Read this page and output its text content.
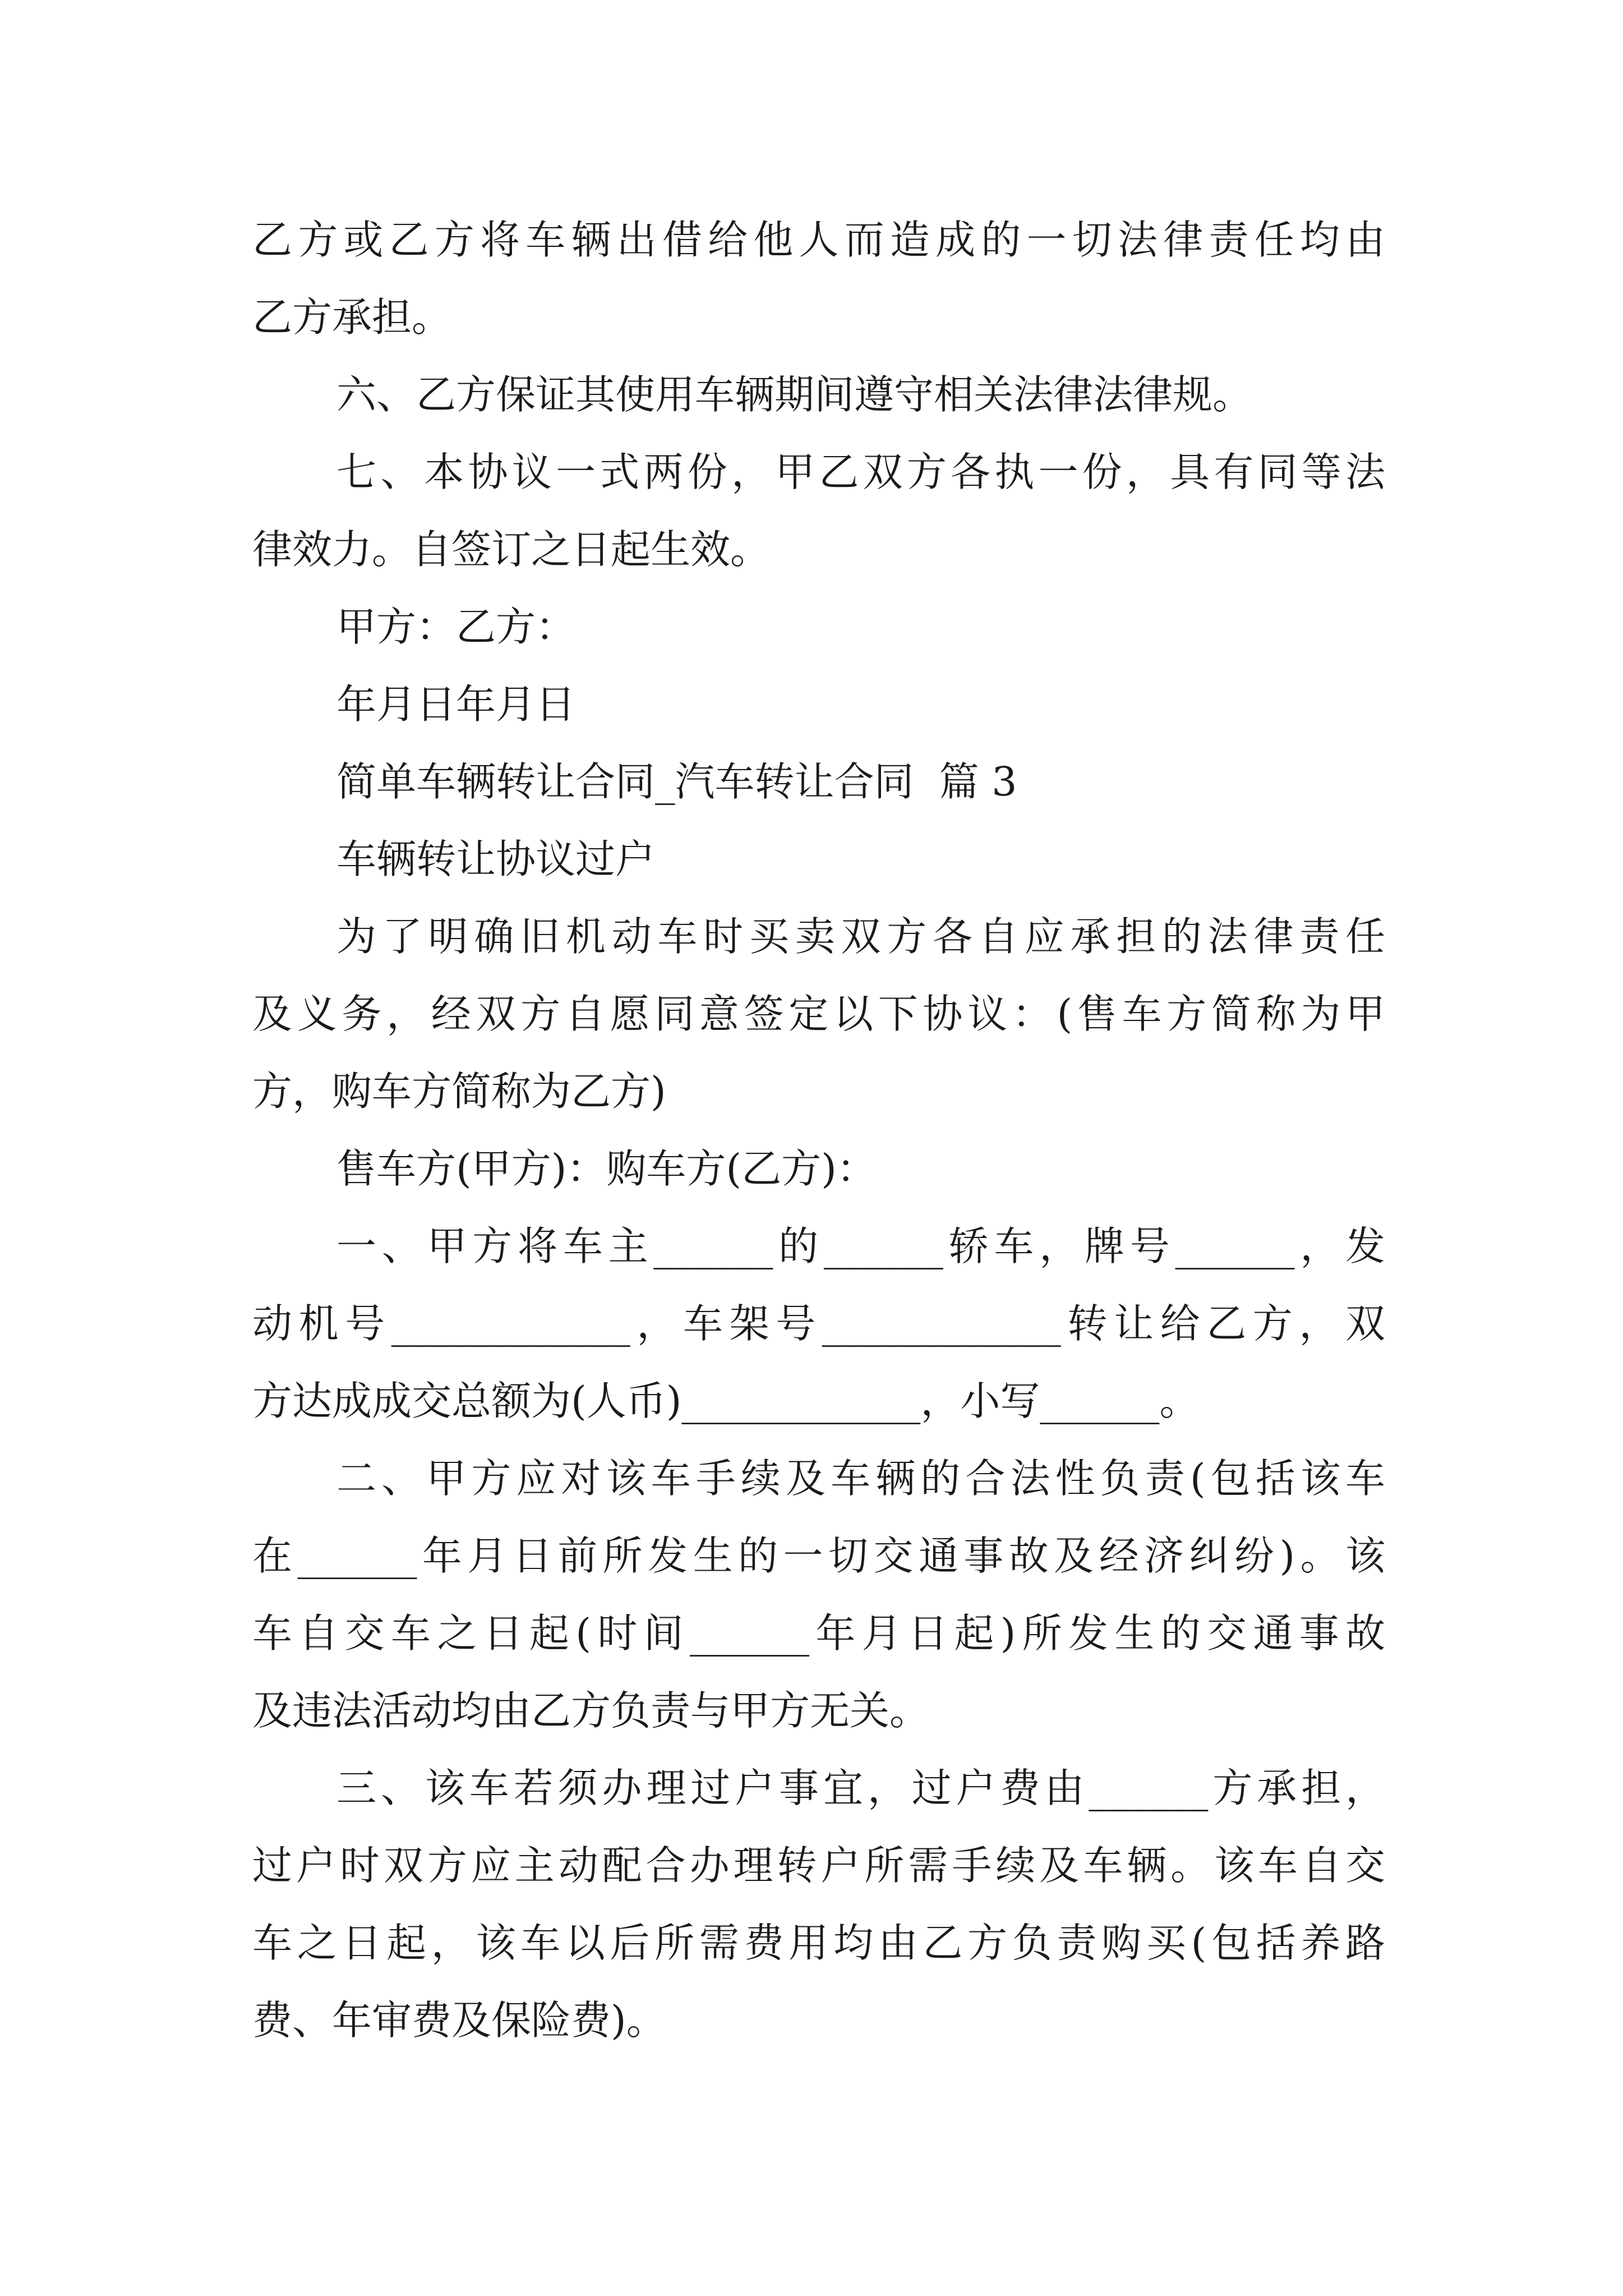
乙方或乙方将车辆出借给他人而造成的一切法律责任均由
乙方承担。
六、乙方保证其使用车辆期间遵守相关法律法律规。
七、本协议一式两份，甲乙双方各执一份，具有同等法
律效力。自签订之日起生效。
甲方：乙方：
年月日年月日
简单车辆转让合同_汽车转让合同  篇 3
车辆转让协议过户
为了明确旧机动车时买卖双方各自应承担的法律责任
及义务，经双方自愿同意签定以下协议：(售车方简称为甲
方，购车方简称为乙方)
售车方(甲方)：购车方(乙方)：
一、甲方将车主______的______轿车，牌号______，发
动机号____________，车架号____________转让给乙方，双
方达成成交总额为(人币)____________，小写______。
二、甲方应对该车手续及车辆的合法性负责(包括该车
在______年月日前所发生的一切交通事故及经济纠纷)。该
车自交车之日起(时间______年月日起)所发生的交通事故
及违法活动均由乙方负责与甲方无关。
三、该车若须办理过户事宜，过户费由______方承担，
过户时双方应主动配合办理转户所需手续及车辆。该车自交
车之日起，该车以后所需费用均由乙方负责购买(包括养路
费、年审费及保险费)。
